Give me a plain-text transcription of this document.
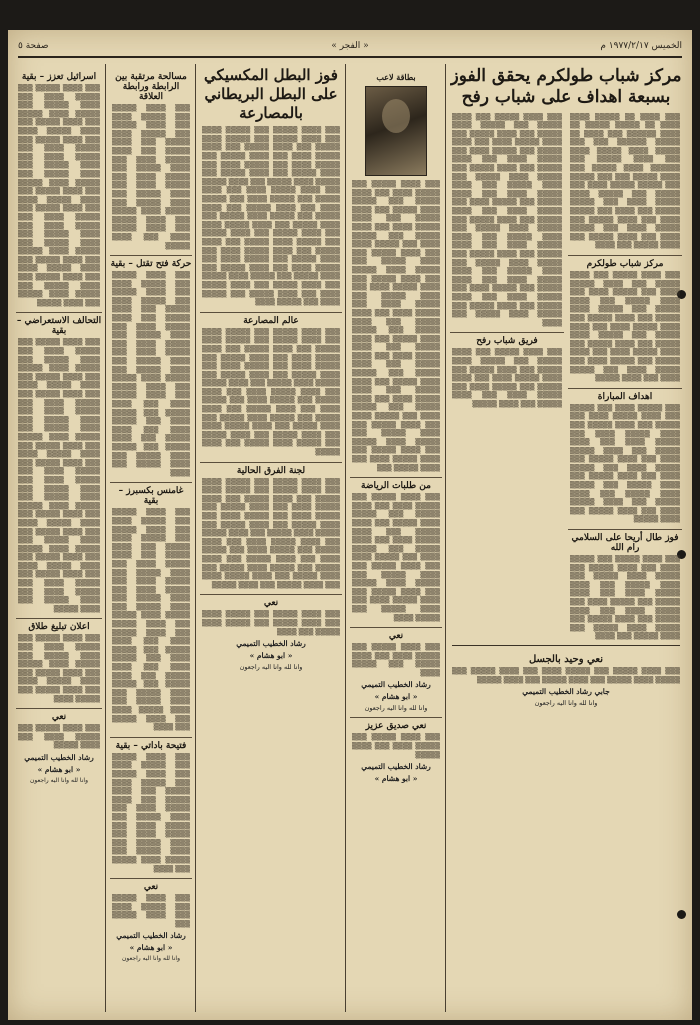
الخميس ١٩٧٧/٢/١٧ م
« الفجر »
صفحة ٥
مركز شباب طولكرم يحقق الفوز بسبعة اهداف على شباب رفح

▒▒▒ ▒▒▒▒ ▒▒ ▒▒▒▒▒ ▒▒▒▒ ▒▒▒▒ ▒▒ ▒▒▒▒▒ ▒▒▒▒▒ ▒▒ ▒▒▒▒ ▒▒▒▒▒▒ ▒▒▒ ▒▒▒▒ ▒▒ ▒▒▒▒▒ ▒▒▒▒▒▒ ▒▒▒ ▒▒▒ ▒▒▒▒▒ ▒▒▒▒ ▒▒▒▒▒ ▒▒▒▒ ▒▒▒ ▒▒▒▒ ▒▒▒▒▒ ▒▒▒ ▒▒▒▒▒▒ ▒▒▒▒ ▒▒▒▒▒ ▒▒▒ ▒▒▒▒ ▒▒▒▒▒ ▒▒▒ ▒▒▒ ▒▒▒▒▒ ▒▒▒ ▒▒▒▒▒ ▒▒▒▒▒ ▒▒▒▒ ▒▒▒ ▒▒▒▒▒ ▒▒▒ ▒▒▒▒▒ ▒▒▒▒ ▒▒▒▒▒ ▒▒▒▒ ▒▒▒ ▒▒▒▒▒ ▒▒▒▒▒ ▒▒▒ ▒▒▒▒ ▒▒▒ ▒▒▒▒▒ ▒▒▒▒ ▒▒▒ ▒▒▒▒ ▒▒▒▒▒ ▒▒▒ ▒▒▒▒▒ ▒▒▒▒ ▒▒▒ ▒▒▒▒▒ ▒▒▒▒ ▒▒▒ ▒▒▒▒ ▒▒▒▒▒ ▒▒▒ ▒▒▒▒ ▒▒▒▒▒ ▒▒▒ ▒▒▒▒

مركز شباب طولكرم

▒▒▒ ▒▒▒▒ ▒▒▒▒▒ ▒▒▒ ▒▒▒▒ ▒▒▒▒▒ ▒▒▒ ▒▒▒▒ ▒▒▒▒▒ ▒▒▒▒ ▒▒▒ ▒▒▒▒▒ ▒▒▒▒ ▒▒▒ ▒▒▒▒ ▒▒▒▒▒ ▒▒▒ ▒▒▒▒ ▒▒▒▒▒ ▒▒▒ ▒▒▒▒▒ ▒▒▒▒ ▒▒▒▒▒ ▒▒▒ ▒▒▒▒ ▒▒▒▒▒ ▒▒▒ ▒▒▒▒ ▒▒▒▒▒ ▒▒▒▒ ▒▒▒ ▒▒▒▒ ▒▒▒▒▒ ▒▒▒ ▒▒▒▒▒ ▒▒▒▒ ▒▒▒▒▒ ▒▒▒ ▒▒▒▒ ▒▒▒▒▒ ▒▒▒ ▒▒▒▒ ▒▒▒▒▒ ▒▒▒▒ ▒▒▒ ▒▒▒▒ ▒▒▒▒▒ ▒▒▒ ▒▒▒▒▒ ▒▒▒▒ ▒▒▒ ▒▒▒▒▒ ▒▒▒▒ ▒▒▒ ▒▒▒▒▒ ▒▒▒▒ ▒▒▒ ▒▒▒▒ ▒▒▒▒▒

اهداف المباراة

▒▒▒ ▒▒▒▒▒ ▒▒▒▒ ▒▒▒ ▒▒▒▒▒ ▒▒▒ ▒▒▒▒ ▒▒▒▒▒ ▒▒▒▒ ▒▒▒ ▒▒▒▒▒ ▒▒▒ ▒▒▒▒ ▒▒▒▒▒ ▒▒▒ ▒▒▒▒ ▒▒▒▒▒ ▒▒▒▒ ▒▒▒ ▒▒▒▒▒ ▒▒▒▒ ▒▒▒ ▒▒▒▒ ▒▒▒▒▒ ▒▒▒ ▒▒▒▒ ▒▒▒▒▒ ▒▒▒▒ ▒▒▒ ▒▒▒▒ ▒▒▒▒▒ ▒▒▒ ▒▒▒▒▒ ▒▒▒▒ ▒▒▒ ▒▒▒▒▒ ▒▒▒▒ ▒▒▒ ▒▒▒▒ ▒▒▒▒▒ ▒▒▒ ▒▒▒▒ ▒▒▒▒▒ ▒▒▒ ▒▒▒▒▒ ▒▒▒▒ ▒▒▒▒▒ ▒▒▒ ▒▒▒▒ ▒▒▒▒▒ ▒▒▒ ▒▒▒▒ ▒▒▒▒▒ ▒▒▒▒ ▒▒▒ ▒▒▒▒ ▒▒▒▒▒ ▒▒▒ ▒▒▒▒ ▒▒▒▒▒

فوز طال أريحا على السلامي رام الله

▒▒▒ ▒▒▒▒ ▒▒▒▒▒ ▒▒▒ ▒▒▒▒▒ ▒▒▒▒ ▒▒▒ ▒▒▒▒ ▒▒▒▒▒ ▒▒▒ ▒▒▒▒▒ ▒▒▒▒ ▒▒▒▒▒ ▒▒▒ ▒▒▒▒ ▒▒▒▒▒ ▒▒▒ ▒▒▒▒ ▒▒▒▒▒ ▒▒▒▒ ▒▒▒ ▒▒▒▒ ▒▒▒▒▒ ▒▒▒ ▒▒▒▒▒ ▒▒▒▒ ▒▒▒ ▒▒▒▒▒ ▒▒▒▒ ▒▒▒ ▒▒▒▒ ▒▒▒▒▒ ▒▒▒ ▒▒▒▒ ▒▒▒▒▒ ▒▒▒ ▒▒▒▒▒ ▒▒▒▒ ▒▒▒▒▒ ▒▒▒ ▒▒▒▒ ▒▒▒▒▒ ▒▒▒ ▒▒▒▒

▒▒▒ ▒▒▒▒ ▒▒▒▒▒ ▒▒▒ ▒▒▒▒ ▒▒▒▒▒ ▒▒▒ ▒▒▒▒▒ ▒▒▒▒ ▒▒▒▒▒ ▒▒▒ ▒▒▒▒ ▒▒▒▒▒ ▒▒▒ ▒▒▒▒ ▒▒▒▒▒ ▒▒▒▒ ▒▒▒ ▒▒▒▒ ▒▒▒▒▒ ▒▒▒ ▒▒▒▒▒ ▒▒▒▒ ▒▒▒ ▒▒▒▒▒ ▒▒▒▒ ▒▒▒ ▒▒▒▒ ▒▒▒▒▒ ▒▒▒ ▒▒▒▒ ▒▒▒▒▒ ▒▒▒ ▒▒▒▒▒ ▒▒▒▒ ▒▒▒▒▒ ▒▒▒ ▒▒▒▒ ▒▒▒▒▒ ▒▒▒ ▒▒▒▒ ▒▒▒▒▒ ▒▒▒▒ ▒▒▒ ▒▒▒▒ ▒▒▒▒▒ ▒▒▒ ▒▒▒▒▒ ▒▒▒▒ ▒▒▒ ▒▒▒▒▒ ▒▒▒▒ ▒▒▒ ▒▒▒▒ ▒▒▒▒▒ ▒▒▒ ▒▒▒▒ ▒▒▒▒▒ ▒▒▒ ▒▒▒▒▒ ▒▒▒▒ ▒▒▒▒▒ ▒▒▒ ▒▒▒▒ ▒▒▒▒▒ ▒▒▒ ▒▒▒▒ ▒▒▒▒▒ ▒▒▒▒ ▒▒▒ ▒▒▒▒ ▒▒▒▒▒ ▒▒▒ ▒▒▒▒ ▒▒▒▒▒ ▒▒▒ ▒▒▒▒▒ ▒▒▒▒ ▒▒▒▒▒ ▒▒▒ ▒▒▒▒ ▒▒▒▒▒ ▒▒▒ ▒▒▒▒ ▒▒▒▒▒ ▒▒▒▒ ▒▒▒ ▒▒▒▒ ▒▒▒▒▒ ▒▒▒ ▒▒▒▒▒ ▒▒▒▒ ▒▒▒ ▒▒▒▒▒ ▒▒▒▒ ▒▒▒ ▒▒▒▒ ▒▒▒▒▒ ▒▒▒ ▒▒▒▒ ▒▒▒▒▒ ▒▒▒ ▒▒▒▒▒ ▒▒▒▒ ▒▒▒▒▒ ▒▒▒ ▒▒▒▒

فريق شباب رفح

▒▒▒ ▒▒▒▒ ▒▒▒▒▒ ▒▒▒ ▒▒▒▒ ▒▒▒▒▒ ▒▒▒ ▒▒▒▒▒ ▒▒▒▒ ▒▒▒▒▒ ▒▒▒ ▒▒▒▒ ▒▒▒▒▒ ▒▒▒ ▒▒▒▒ ▒▒▒▒▒ ▒▒▒▒ ▒▒▒ ▒▒▒▒ ▒▒▒▒▒ ▒▒▒ ▒▒▒▒▒ ▒▒▒▒ ▒▒▒ ▒▒▒▒▒ ▒▒▒▒ ▒▒▒ ▒▒▒▒ ▒▒▒▒▒ ▒▒▒ ▒▒▒▒ ▒▒▒▒▒

نعي وحيد بالجسل

▒▒▒ ▒▒▒▒ ▒▒▒▒▒ ▒▒▒ ▒▒▒▒▒ ▒▒▒▒ ▒▒▒ ▒▒▒▒ ▒▒▒▒▒ ▒▒▒ ▒▒▒▒▒ ▒▒▒▒ ▒▒▒▒▒ ▒▒▒ ▒▒▒▒ ▒▒▒▒▒ ▒▒▒ ▒▒▒▒ ▒▒▒▒▒

جابي رشاد الخطيب التميمي
وانا لله وانا اليه راجعون
بطاقة لاعب

▒▒▒ ▒▒▒▒ ▒▒▒▒▒ ▒▒▒ ▒▒▒▒▒ ▒▒▒▒ ▒▒▒ ▒▒▒▒ ▒▒▒▒▒ ▒▒▒ ▒▒▒▒▒ ▒▒▒▒ ▒▒▒▒▒ ▒▒▒ ▒▒▒▒ ▒▒▒▒▒ ▒▒▒ ▒▒▒▒ ▒▒▒▒▒ ▒▒▒▒ ▒▒▒ ▒▒▒▒ ▒▒▒▒▒ ▒▒▒ ▒▒▒▒▒ ▒▒▒▒ ▒▒▒ ▒▒▒▒▒ ▒▒▒▒ ▒▒▒ ▒▒▒▒ ▒▒▒▒▒ ▒▒▒ ▒▒▒▒ ▒▒▒▒▒ ▒▒▒ ▒▒▒▒▒ ▒▒▒▒ ▒▒▒▒▒ ▒▒▒ ▒▒▒▒ ▒▒▒▒▒ ▒▒▒ ▒▒▒▒ ▒▒▒▒▒ ▒▒▒▒ ▒▒▒ ▒▒▒▒ ▒▒▒▒▒ ▒▒▒ ▒▒▒▒▒ ▒▒▒▒ ▒▒▒ ▒▒▒▒▒ ▒▒▒▒ ▒▒▒ ▒▒▒▒ ▒▒▒▒▒ ▒▒▒ ▒▒▒▒ ▒▒▒▒▒ ▒▒▒ ▒▒▒▒▒ ▒▒▒▒ ▒▒▒▒▒ ▒▒▒ ▒▒▒▒ ▒▒▒▒▒ ▒▒▒ ▒▒▒▒ ▒▒▒▒▒ ▒▒▒▒ ▒▒▒ ▒▒▒▒ ▒▒▒▒▒ ▒▒▒ ▒▒▒▒ ▒▒▒▒▒ ▒▒▒ ▒▒▒▒▒ ▒▒▒▒ ▒▒▒▒▒ ▒▒▒ ▒▒▒▒ ▒▒▒▒▒ ▒▒▒ ▒▒▒▒ ▒▒▒▒▒ ▒▒▒▒ ▒▒▒ ▒▒▒▒ ▒▒▒▒▒ ▒▒▒ ▒▒▒▒▒ ▒▒▒▒ ▒▒▒ ▒▒▒▒▒ ▒▒▒▒ ▒▒▒ ▒▒▒▒ ▒▒▒▒▒ ▒▒▒ ▒▒▒▒ ▒▒▒▒▒ ▒▒▒ ▒▒▒▒▒ ▒▒▒▒ ▒▒▒▒▒ ▒▒▒ ▒▒▒▒ ▒▒▒▒▒ ▒▒▒ ▒▒▒▒ ▒▒▒▒▒ ▒▒▒▒ ▒▒▒ ▒▒▒▒ ▒▒▒▒▒ ▒▒▒

من طلبات الرياضة

▒▒▒ ▒▒▒▒ ▒▒▒▒▒ ▒▒▒ ▒▒▒▒▒ ▒▒▒▒ ▒▒▒ ▒▒▒▒ ▒▒▒▒▒ ▒▒▒ ▒▒▒▒▒ ▒▒▒▒ ▒▒▒▒▒ ▒▒▒ ▒▒▒▒ ▒▒▒▒▒ ▒▒▒ ▒▒▒▒ ▒▒▒▒▒ ▒▒▒▒ ▒▒▒ ▒▒▒▒ ▒▒▒▒▒ ▒▒▒ ▒▒▒▒▒ ▒▒▒▒ ▒▒▒ ▒▒▒▒▒ ▒▒▒▒ ▒▒▒ ▒▒▒▒ ▒▒▒▒▒ ▒▒▒ ▒▒▒▒ ▒▒▒▒▒ ▒▒▒ ▒▒▒▒▒ ▒▒▒▒ ▒▒▒▒▒ ▒▒▒ ▒▒▒▒ ▒▒▒▒▒ ▒▒▒ ▒▒▒▒ ▒▒▒▒▒ ▒▒▒▒ ▒▒▒ ▒▒▒▒ ▒▒▒▒▒ ▒▒▒ ▒▒▒▒▒ ▒▒▒▒

نعي

▒▒▒ ▒▒▒▒ ▒▒▒▒▒ ▒▒▒ ▒▒▒▒▒ ▒▒▒▒ ▒▒▒ ▒▒▒▒ ▒▒▒▒▒ ▒▒▒ ▒▒▒▒▒ ▒▒▒▒

رشاد الخطيب التميمي
« ابو هشام »
وانا لله وانا اليه راجعون
نعي صديق عزيز

▒▒▒ ▒▒▒▒ ▒▒▒▒▒ ▒▒▒ ▒▒▒▒▒ ▒▒▒▒ ▒▒▒ ▒▒▒▒ ▒▒▒▒▒

رشاد الخطيب التميمي
« ابو هشام »
فوز البطل المكسيكي على البطل البريطاني بالمصارعة

▒▒▒ ▒▒▒▒ ▒▒▒▒▒ ▒▒▒ ▒▒▒▒▒ ▒▒▒▒ ▒▒▒ ▒▒▒▒ ▒▒▒▒▒ ▒▒▒ ▒▒▒▒▒ ▒▒▒▒ ▒▒▒▒▒ ▒▒▒ ▒▒▒▒ ▒▒▒▒▒ ▒▒▒ ▒▒▒▒ ▒▒▒▒▒ ▒▒▒▒ ▒▒▒ ▒▒▒▒ ▒▒▒▒▒ ▒▒▒ ▒▒▒▒▒ ▒▒▒▒ ▒▒▒ ▒▒▒▒▒ ▒▒▒▒ ▒▒▒ ▒▒▒▒ ▒▒▒▒▒ ▒▒▒ ▒▒▒▒ ▒▒▒▒▒ ▒▒▒ ▒▒▒▒▒ ▒▒▒▒ ▒▒▒▒▒ ▒▒▒ ▒▒▒▒ ▒▒▒▒▒ ▒▒▒ ▒▒▒▒ ▒▒▒▒▒ ▒▒▒▒ ▒▒▒ ▒▒▒▒ ▒▒▒▒▒ ▒▒▒ ▒▒▒▒▒ ▒▒▒▒ ▒▒▒ ▒▒▒▒▒ ▒▒▒▒ ▒▒▒ ▒▒▒▒ ▒▒▒▒▒ ▒▒▒ ▒▒▒▒ ▒▒▒▒▒ ▒▒▒ ▒▒▒▒▒ ▒▒▒▒ ▒▒▒▒▒ ▒▒▒ ▒▒▒▒ ▒▒▒▒▒ ▒▒▒ ▒▒▒▒ ▒▒▒▒▒ ▒▒▒▒ ▒▒▒ ▒▒▒▒ ▒▒▒▒▒ ▒▒▒ ▒▒▒▒ ▒▒▒▒▒ ▒▒▒ ▒▒▒▒▒ ▒▒▒▒ ▒▒▒▒▒ ▒▒▒ ▒▒▒▒ ▒▒▒▒▒ ▒▒▒ ▒▒▒▒ ▒▒▒▒▒ ▒▒▒▒ ▒▒▒ ▒▒▒▒ ▒▒▒▒▒ ▒▒▒ ▒▒▒▒▒ ▒▒▒▒ ▒▒▒ ▒▒▒▒▒ ▒▒▒▒ ▒▒▒ ▒▒▒▒ ▒▒▒▒▒ ▒▒▒ ▒▒▒▒ ▒▒▒▒▒ ▒▒▒ ▒▒▒▒▒ ▒▒▒▒ ▒▒▒▒▒ ▒▒▒ ▒▒▒▒ ▒▒▒▒▒ ▒▒▒ ▒▒▒▒ ▒▒▒▒▒ ▒▒▒▒ ▒▒▒ ▒▒▒▒ ▒▒▒▒▒ ▒▒▒ ▒▒▒▒▒ ▒▒▒▒ ▒▒▒ ▒▒▒▒▒ ▒▒▒▒

عالم المصارعة

▒▒▒ ▒▒▒▒ ▒▒▒▒▒ ▒▒▒ ▒▒▒▒▒ ▒▒▒▒ ▒▒▒ ▒▒▒▒ ▒▒▒▒▒ ▒▒▒ ▒▒▒▒▒ ▒▒▒▒ ▒▒▒▒▒ ▒▒▒ ▒▒▒▒ ▒▒▒▒▒ ▒▒▒ ▒▒▒▒ ▒▒▒▒▒ ▒▒▒▒ ▒▒▒ ▒▒▒▒ ▒▒▒▒▒ ▒▒▒ ▒▒▒▒▒ ▒▒▒▒ ▒▒▒ ▒▒▒▒▒ ▒▒▒▒ ▒▒▒ ▒▒▒▒ ▒▒▒▒▒ ▒▒▒ ▒▒▒▒ ▒▒▒▒▒ ▒▒▒ ▒▒▒▒▒ ▒▒▒▒ ▒▒▒▒▒ ▒▒▒ ▒▒▒▒ ▒▒▒▒▒ ▒▒▒ ▒▒▒▒ ▒▒▒▒▒ ▒▒▒▒ ▒▒▒ ▒▒▒▒ ▒▒▒▒▒ ▒▒▒ ▒▒▒▒▒ ▒▒▒▒ ▒▒▒ ▒▒▒▒▒ ▒▒▒▒ ▒▒▒ ▒▒▒▒ ▒▒▒▒▒ ▒▒▒ ▒▒▒▒ ▒▒▒▒▒ ▒▒▒ ▒▒▒▒▒ ▒▒▒▒ ▒▒▒▒▒ ▒▒▒ ▒▒▒▒ ▒▒▒▒▒ ▒▒▒ ▒▒▒▒ ▒▒▒▒▒ ▒▒▒▒ ▒▒▒ ▒▒▒▒ ▒▒▒▒▒ ▒▒▒ ▒▒▒▒ ▒▒▒▒▒ ▒▒▒ ▒▒▒▒▒ ▒▒▒▒ ▒▒▒▒▒ ▒▒▒ ▒▒▒▒ ▒▒▒▒▒

لجنة الفرق الحالية

▒▒▒ ▒▒▒▒ ▒▒▒▒▒ ▒▒▒ ▒▒▒▒▒ ▒▒▒▒ ▒▒▒ ▒▒▒▒ ▒▒▒▒▒ ▒▒▒ ▒▒▒▒▒ ▒▒▒▒ ▒▒▒▒▒ ▒▒▒ ▒▒▒▒ ▒▒▒▒▒ ▒▒▒ ▒▒▒▒ ▒▒▒▒▒ ▒▒▒▒ ▒▒▒ ▒▒▒▒ ▒▒▒▒▒ ▒▒▒ ▒▒▒▒▒ ▒▒▒▒ ▒▒▒ ▒▒▒▒▒ ▒▒▒▒ ▒▒▒ ▒▒▒▒ ▒▒▒▒▒ ▒▒▒ ▒▒▒▒ ▒▒▒▒▒ ▒▒▒ ▒▒▒▒▒ ▒▒▒▒ ▒▒▒▒▒ ▒▒▒ ▒▒▒▒ ▒▒▒▒▒ ▒▒▒ ▒▒▒▒ ▒▒▒▒▒ ▒▒▒▒ ▒▒▒ ▒▒▒▒ ▒▒▒▒▒ ▒▒▒ ▒▒▒▒▒ ▒▒▒▒ ▒▒▒ ▒▒▒▒▒ ▒▒▒▒ ▒▒▒ ▒▒▒▒ ▒▒▒▒▒ ▒▒▒ ▒▒▒▒ ▒▒▒▒▒ ▒▒▒ ▒▒▒▒▒ ▒▒▒▒ ▒▒▒▒▒ ▒▒▒ ▒▒▒▒ ▒▒▒▒▒ ▒▒▒ ▒▒▒▒ ▒▒▒▒▒ ▒▒▒▒ ▒▒▒ ▒▒▒▒ ▒▒▒▒▒ ▒▒▒ ▒▒▒▒ ▒▒▒▒▒

نعي

▒▒▒ ▒▒▒▒ ▒▒▒▒▒ ▒▒▒ ▒▒▒▒▒ ▒▒▒▒ ▒▒▒ ▒▒▒▒ ▒▒▒▒▒ ▒▒▒ ▒▒▒▒▒ ▒▒▒▒ ▒▒▒▒▒ ▒▒▒ ▒▒▒▒

رشاد الخطيب التميمي
« ابو هشام »
وانا لله وانا اليه راجعون
مسالحة مرتقبة بين الرابطة ورابطة العلاقة

▒▒▒ ▒▒▒▒ ▒▒▒▒▒ ▒▒▒ ▒▒▒▒▒ ▒▒▒▒ ▒▒▒ ▒▒▒▒ ▒▒▒▒▒ ▒▒▒ ▒▒▒▒▒ ▒▒▒▒ ▒▒▒▒▒ ▒▒▒ ▒▒▒▒ ▒▒▒▒▒ ▒▒▒ ▒▒▒▒ ▒▒▒▒▒ ▒▒▒▒ ▒▒▒ ▒▒▒▒ ▒▒▒▒▒ ▒▒▒ ▒▒▒▒▒ ▒▒▒▒ ▒▒▒ ▒▒▒▒▒ ▒▒▒▒ ▒▒▒ ▒▒▒▒ ▒▒▒▒▒ ▒▒▒ ▒▒▒▒ ▒▒▒▒▒ ▒▒▒ ▒▒▒▒▒ ▒▒▒▒ ▒▒▒▒▒ ▒▒▒ ▒▒▒▒ ▒▒▒▒▒ ▒▒▒ ▒▒▒▒ ▒▒▒▒▒ ▒▒▒▒ ▒▒▒ ▒▒▒▒ ▒▒▒▒▒

حركة فتح تقتل – بقية

▒▒▒ ▒▒▒▒ ▒▒▒▒▒ ▒▒▒ ▒▒▒▒▒ ▒▒▒▒ ▒▒▒ ▒▒▒▒ ▒▒▒▒▒ ▒▒▒ ▒▒▒▒▒ ▒▒▒▒ ▒▒▒▒▒ ▒▒▒ ▒▒▒▒ ▒▒▒▒▒ ▒▒▒ ▒▒▒▒ ▒▒▒▒▒ ▒▒▒▒ ▒▒▒ ▒▒▒▒ ▒▒▒▒▒ ▒▒▒ ▒▒▒▒▒ ▒▒▒▒ ▒▒▒ ▒▒▒▒▒ ▒▒▒▒ ▒▒▒ ▒▒▒▒ ▒▒▒▒▒ ▒▒▒ ▒▒▒▒ ▒▒▒▒▒ ▒▒▒ ▒▒▒▒▒ ▒▒▒▒ ▒▒▒▒▒ ▒▒▒ ▒▒▒▒ ▒▒▒▒▒ ▒▒▒ ▒▒▒▒ ▒▒▒▒▒ ▒▒▒▒ ▒▒▒ ▒▒▒▒ ▒▒▒▒▒ ▒▒▒ ▒▒▒▒▒ ▒▒▒▒ ▒▒▒ ▒▒▒▒▒ ▒▒▒▒ ▒▒▒ ▒▒▒▒ ▒▒▒▒▒ ▒▒▒ ▒▒▒▒ ▒▒▒▒▒ ▒▒▒ ▒▒▒▒▒ ▒▒▒▒ ▒▒▒▒▒ ▒▒▒ ▒▒▒▒ ▒▒▒▒▒ ▒▒▒ ▒▒▒▒

غامنس بكسبرز – بقية

▒▒▒ ▒▒▒▒ ▒▒▒▒▒ ▒▒▒ ▒▒▒▒▒ ▒▒▒▒ ▒▒▒ ▒▒▒▒ ▒▒▒▒▒ ▒▒▒ ▒▒▒▒▒ ▒▒▒▒ ▒▒▒▒▒ ▒▒▒ ▒▒▒▒ ▒▒▒▒▒ ▒▒▒ ▒▒▒▒ ▒▒▒▒▒ ▒▒▒▒ ▒▒▒ ▒▒▒▒ ▒▒▒▒▒ ▒▒▒ ▒▒▒▒▒ ▒▒▒▒ ▒▒▒ ▒▒▒▒▒ ▒▒▒▒ ▒▒▒ ▒▒▒▒ ▒▒▒▒▒ ▒▒▒ ▒▒▒▒ ▒▒▒▒▒ ▒▒▒ ▒▒▒▒▒ ▒▒▒▒ ▒▒▒▒▒ ▒▒▒ ▒▒▒▒ ▒▒▒▒▒ ▒▒▒ ▒▒▒▒ ▒▒▒▒▒ ▒▒▒▒ ▒▒▒ ▒▒▒▒ ▒▒▒▒▒ ▒▒▒ ▒▒▒▒▒ ▒▒▒▒ ▒▒▒ ▒▒▒▒▒ ▒▒▒▒ ▒▒▒ ▒▒▒▒ ▒▒▒▒▒ ▒▒▒ ▒▒▒▒ ▒▒▒▒▒ ▒▒▒ ▒▒▒▒▒ ▒▒▒▒ ▒▒▒▒▒ ▒▒▒ ▒▒▒▒ ▒▒▒▒▒ ▒▒▒ ▒▒▒▒ ▒▒▒▒▒ ▒▒▒▒ ▒▒▒ ▒▒▒▒ ▒▒▒▒▒ ▒▒▒ ▒▒▒▒

فتيحة باداتي – بقية

▒▒▒ ▒▒▒▒ ▒▒▒▒▒ ▒▒▒ ▒▒▒▒▒ ▒▒▒▒ ▒▒▒ ▒▒▒▒ ▒▒▒▒▒ ▒▒▒ ▒▒▒▒▒ ▒▒▒▒ ▒▒▒▒▒ ▒▒▒ ▒▒▒▒ ▒▒▒▒▒ ▒▒▒ ▒▒▒▒ ▒▒▒▒▒ ▒▒▒▒ ▒▒▒ ▒▒▒▒ ▒▒▒▒▒ ▒▒▒ ▒▒▒▒▒ ▒▒▒▒ ▒▒▒ ▒▒▒▒▒ ▒▒▒▒ ▒▒▒ ▒▒▒▒ ▒▒▒▒▒ ▒▒▒ ▒▒▒▒ ▒▒▒▒▒ ▒▒▒ ▒▒▒▒▒ ▒▒▒▒ ▒▒▒▒▒ ▒▒▒ ▒▒▒▒

نعي

▒▒▒ ▒▒▒▒ ▒▒▒▒▒ ▒▒▒ ▒▒▒▒▒ ▒▒▒▒ ▒▒▒ ▒▒▒▒ ▒▒▒▒▒ ▒▒▒

رشاد الخطيب التميمي
« ابو هشام »
وانا لله وانا اليه راجعون
اسرائيل تعزز – بقية

▒▒▒ ▒▒▒▒ ▒▒▒▒▒ ▒▒▒ ▒▒▒▒▒ ▒▒▒▒ ▒▒▒ ▒▒▒▒ ▒▒▒▒▒ ▒▒▒ ▒▒▒▒▒ ▒▒▒▒ ▒▒▒▒▒ ▒▒▒ ▒▒▒▒ ▒▒▒▒▒ ▒▒▒ ▒▒▒▒ ▒▒▒▒▒ ▒▒▒▒ ▒▒▒ ▒▒▒▒ ▒▒▒▒▒ ▒▒▒ ▒▒▒▒▒ ▒▒▒▒ ▒▒▒ ▒▒▒▒▒ ▒▒▒▒ ▒▒▒ ▒▒▒▒ ▒▒▒▒▒ ▒▒▒ ▒▒▒▒ ▒▒▒▒▒ ▒▒▒ ▒▒▒▒▒ ▒▒▒▒ ▒▒▒▒▒ ▒▒▒ ▒▒▒▒ ▒▒▒▒▒ ▒▒▒ ▒▒▒▒ ▒▒▒▒▒ ▒▒▒▒ ▒▒▒ ▒▒▒▒ ▒▒▒▒▒ ▒▒▒ ▒▒▒▒▒ ▒▒▒▒ ▒▒▒ ▒▒▒▒▒ ▒▒▒▒ ▒▒▒ ▒▒▒▒ ▒▒▒▒▒ ▒▒▒ ▒▒▒▒ ▒▒▒▒▒ ▒▒▒ ▒▒▒▒▒ ▒▒▒▒ ▒▒▒▒▒ ▒▒▒ ▒▒▒▒ ▒▒▒▒▒ ▒▒▒ ▒▒▒▒ ▒▒▒▒▒ ▒▒▒▒ ▒▒▒ ▒▒▒▒ ▒▒▒▒▒ ▒▒▒ ▒▒▒▒ ▒▒▒▒▒ ▒▒▒ ▒▒▒▒▒ ▒▒▒▒ ▒▒▒▒▒ ▒▒▒ ▒▒▒▒ ▒▒▒▒▒

التحالف الاستعراضي – بقية

▒▒▒ ▒▒▒▒ ▒▒▒▒▒ ▒▒▒ ▒▒▒▒▒ ▒▒▒▒ ▒▒▒ ▒▒▒▒ ▒▒▒▒▒ ▒▒▒ ▒▒▒▒▒ ▒▒▒▒ ▒▒▒▒▒ ▒▒▒ ▒▒▒▒ ▒▒▒▒▒ ▒▒▒ ▒▒▒▒ ▒▒▒▒▒ ▒▒▒▒ ▒▒▒ ▒▒▒▒ ▒▒▒▒▒ ▒▒▒ ▒▒▒▒▒ ▒▒▒▒ ▒▒▒ ▒▒▒▒▒ ▒▒▒▒ ▒▒▒ ▒▒▒▒ ▒▒▒▒▒ ▒▒▒ ▒▒▒▒ ▒▒▒▒▒ ▒▒▒ ▒▒▒▒▒ ▒▒▒▒ ▒▒▒▒▒ ▒▒▒ ▒▒▒▒ ▒▒▒▒▒ ▒▒▒ ▒▒▒▒ ▒▒▒▒▒ ▒▒▒▒ ▒▒▒ ▒▒▒▒ ▒▒▒▒▒ ▒▒▒ ▒▒▒▒▒ ▒▒▒▒ ▒▒▒ ▒▒▒▒▒ ▒▒▒▒ ▒▒▒ ▒▒▒▒ ▒▒▒▒▒ ▒▒▒ ▒▒▒▒ ▒▒▒▒▒ ▒▒▒ ▒▒▒▒▒ ▒▒▒▒ ▒▒▒▒▒ ▒▒▒ ▒▒▒▒ ▒▒▒▒▒ ▒▒▒ ▒▒▒▒ ▒▒▒▒▒ ▒▒▒▒ ▒▒▒ ▒▒▒▒ ▒▒▒▒▒ ▒▒▒ ▒▒▒▒ ▒▒▒▒▒ ▒▒▒ ▒▒▒▒▒ ▒▒▒▒ ▒▒▒▒▒ ▒▒▒ ▒▒▒▒ ▒▒▒▒▒ ▒▒▒ ▒▒▒▒ ▒▒▒▒▒ ▒▒▒▒ ▒▒▒ ▒▒▒▒ ▒▒▒▒▒ ▒▒▒ ▒▒▒▒▒ ▒▒▒▒ ▒▒▒ ▒▒▒▒▒ ▒▒▒▒ ▒▒▒ ▒▒▒▒ ▒▒▒▒▒ ▒▒▒ ▒▒▒▒ ▒▒▒▒▒

اعلان تبليغ طلاق

▒▒▒ ▒▒▒▒ ▒▒▒▒▒ ▒▒▒ ▒▒▒▒▒ ▒▒▒▒ ▒▒▒ ▒▒▒▒ ▒▒▒▒▒ ▒▒▒ ▒▒▒▒▒ ▒▒▒▒ ▒▒▒▒▒ ▒▒▒ ▒▒▒▒ ▒▒▒▒▒ ▒▒▒ ▒▒▒▒ ▒▒▒▒▒ ▒▒▒▒ ▒▒▒ ▒▒▒▒ ▒▒▒▒▒ ▒▒▒ ▒▒▒▒▒ ▒▒▒▒

نعي

▒▒▒ ▒▒▒▒ ▒▒▒▒▒ ▒▒▒ ▒▒▒▒▒ ▒▒▒▒ ▒▒▒ ▒▒▒▒ ▒▒▒▒▒

رشاد الخطيب التميمي
« ابو هشام »
وانا لله وانا اليه راجعون
